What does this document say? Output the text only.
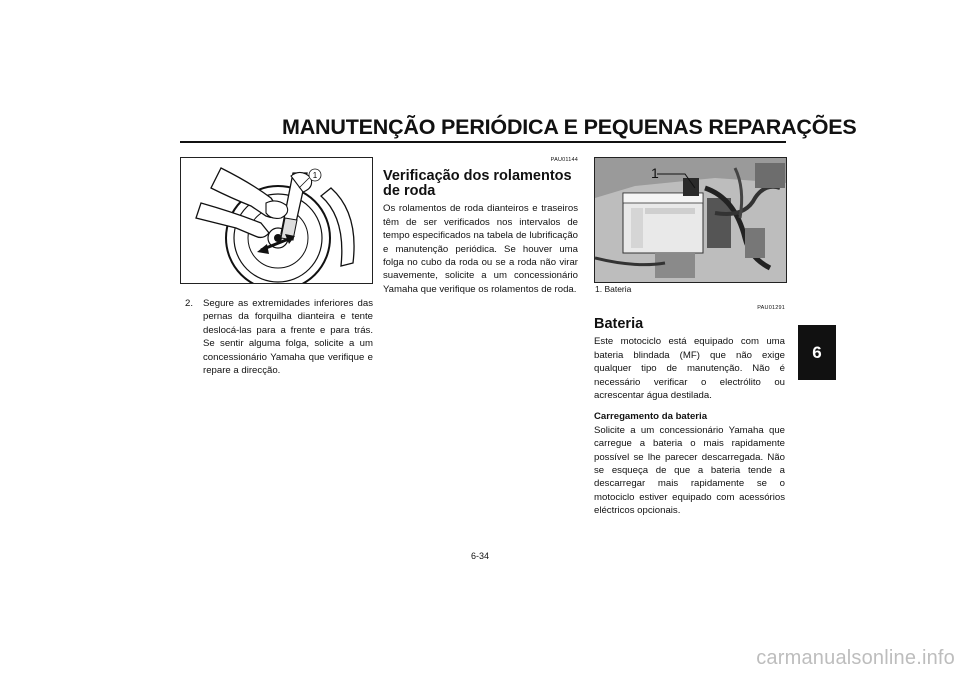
MANUTENÇÃO PERIÓDICA E PEQUENAS REPARAÇÕES
6
1
2.	Segure as extremidades inferiores das pernas da forquilha dianteira e tente deslocá-las para a frente e para trás. Se sentir alguma folga, solicite a um concessionário Yamaha que verifique e repare a direcção.
PAU01144
Verificação dos rolamentos de roda

Os rolamentos de roda dianteiros e traseiros têm de ser verificados nos intervalos de tempo especificados na tabela de lubrificação e manutenção periódica. Se houver uma folga no cubo da roda ou se a roda não virar suavemente, solicite a um concessionário Yamaha que verifique os rolamentos de roda.

1
1. Bateria
PAU01291
Bateria

Este motociclo está equipado com uma bateria blindada (MF) que não exige qualquer tipo de manutenção. Não é necessário verificar o electrólito ou acrescentar água destilada.

Carregamento da bateria

Solicite a um concessionário Yamaha que carregue a bateria o mais rapidamente possível se lhe parecer descarregada. Não se esqueça de que a bateria tende a descarregar mais rapidamente se o motociclo estiver equipado com acessórios eléctricos opcionais.

6-34
carmanualsonline.info
